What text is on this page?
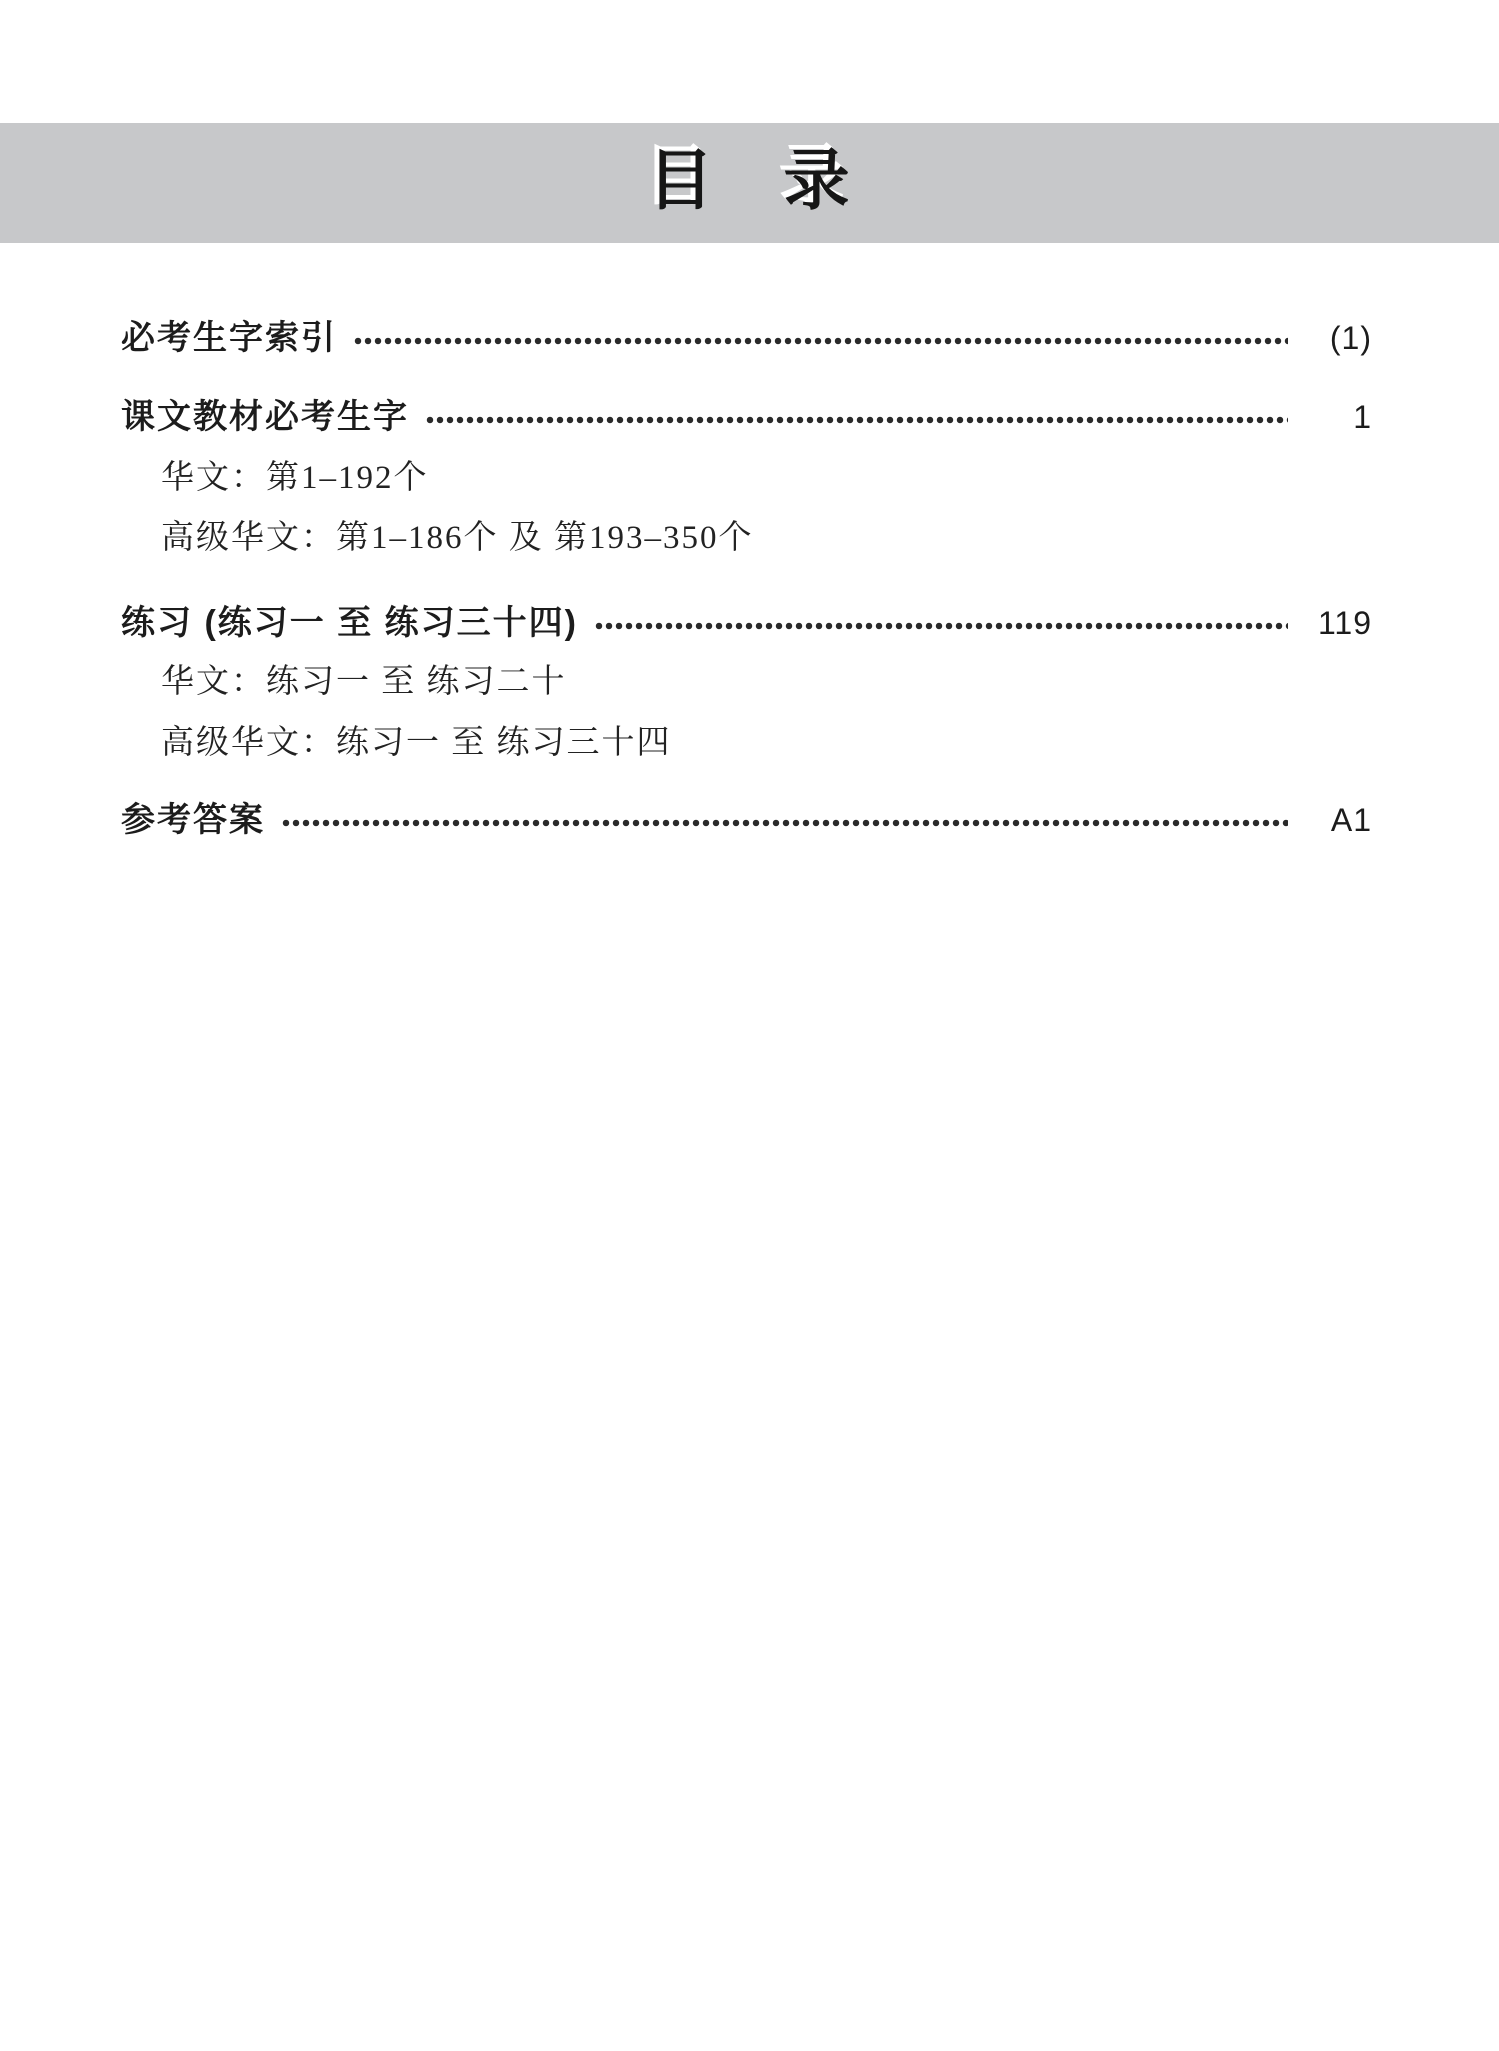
目　录
必考生字索引	(1)
课文教材必考生字	1
华文：第1–192个
高级华文：第1–186个 及 第193–350个
练习 (练习一 至 练习三十四)	119
华文：练习一 至 练习二十
高级华文：练习一 至 练习三十四
参考答案	A1
